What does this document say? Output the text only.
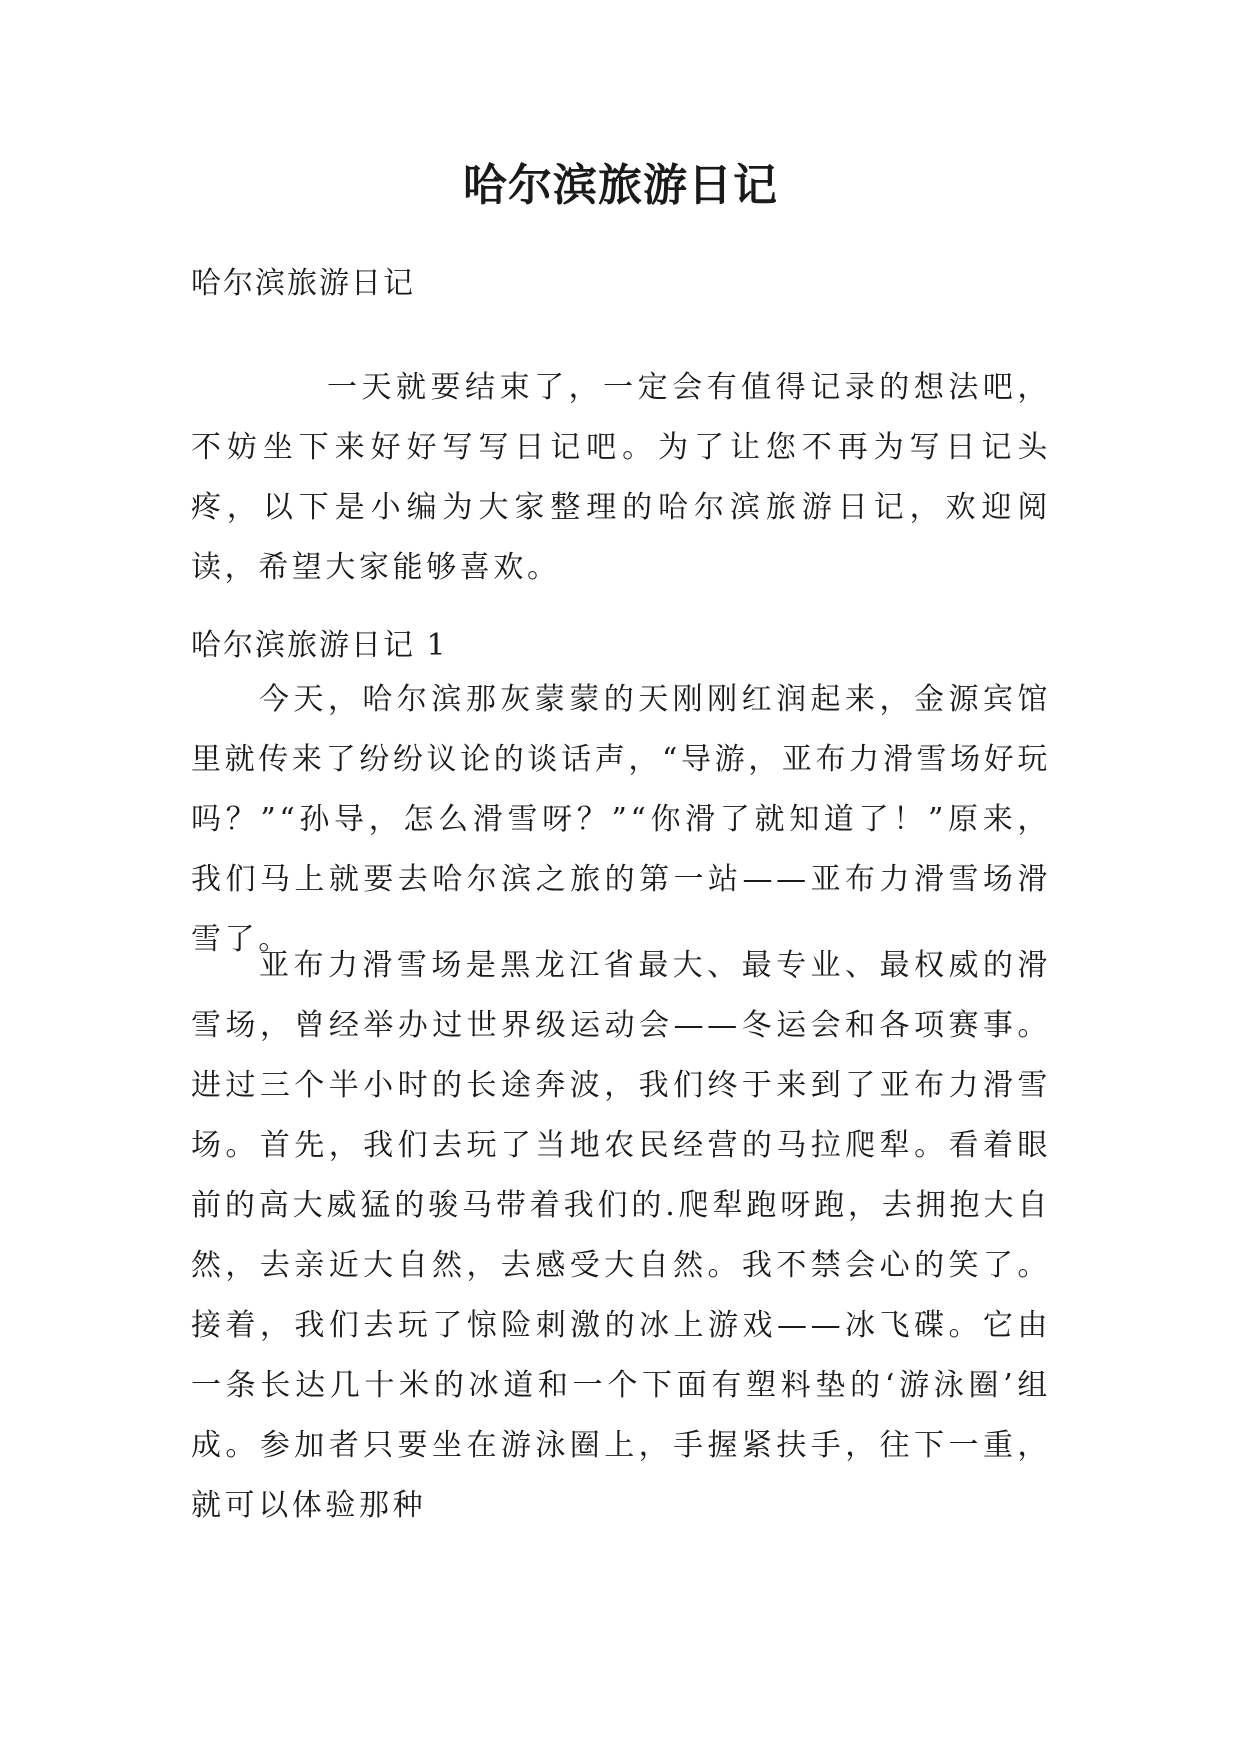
哈尔滨旅游日记

哈尔滨旅游日记

一天就要结束了，一定会有值得记录的想法吧，不妨坐下来好好写写日记吧。为了让您不再为写日记头疼，以下是小编为大家整理的哈尔滨旅游日记，欢迎阅读，希望大家能够喜欢。

哈尔滨旅游日记 1

今天，哈尔滨那灰蒙蒙的天刚刚红润起来，金源宾馆里就传来了纷纷议论的谈话声，“导游，亚布力滑雪场好玩吗？”“孙导，怎么滑雪呀？”“你滑了就知道了！”原来，我们马上就要去哈尔滨之旅的第一站——亚布力滑雪场滑雪了。

亚布力滑雪场是黑龙江省最大、最专业、最权威的滑雪场，曾经举办过世界级运动会——冬运会和各项赛事。进过三个半小时的长途奔波，我们终于来到了亚布力滑雪场。首先，我们去玩了当地农民经营的马拉爬犁。看着眼前的高大威猛的骏马带着我们的.爬犁跑呀跑，去拥抱大自然，去亲近大自然，去感受大自然。我不禁会心的笑了。接着，我们去玩了惊险刺激的冰上游戏——冰飞碟。它由一条长达几十米的冰道和一个下面有塑料垫的‘游泳圈’组成。参加者只要坐在游泳圈上，手握紧扶手，往下一重，就可以体验那种
